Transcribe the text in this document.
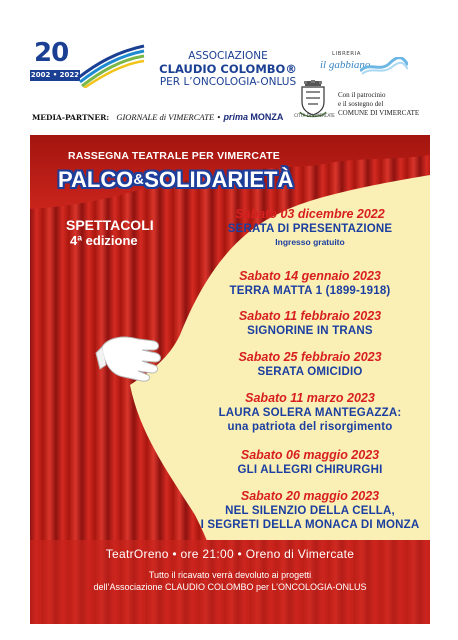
20
2002 • 2022
ASSOCIAZIONE
CLAUDIO COLOMBO®
PER L’ONCOLOGIA-ONLUS
MEDIA-PARTNER: GIORNALE di VIMERCATE • prima MONZA
LIBRERIA
il gabbiano
CITTÀ DI VIMERCATE
Con il patrocinio
e il sostegno del
COMUNE DI VIMERCATE
RASSEGNA TEATRALE PER VIMERCATE
PALCO&SOLIDARIETÀ
SPETTACOLI
4ª edizione
Sabato 03 dicembre 2022
SERATA DI PRESENTAZIONE
Ingresso gratuito
Sabato 14 gennaio 2023
TERRA MATTA 1 (1899-1918)
Sabato 11 febbraio 2023
SIGNORINE IN TRANS
Sabato 25 febbraio 2023
SERATA OMICIDIO
Sabato 11 marzo 2023
LAURA SOLERA MANTEGAZZA:
una patriota del risorgimento
Sabato 06 maggio 2023
GLI ALLEGRI CHIRURGHI
Sabato 20 maggio 2023
NEL SILENZIO DELLA CELLA,
I SEGRETI DELLA MONACA DI MONZA
TeatrOreno • ore 21:00 • Oreno di Vimercate
Tutto il ricavato verrà devoluto ai progetti
dell’Associazione CLAUDIO COLOMBO per L’ONCOLOGIA-ONLUS
